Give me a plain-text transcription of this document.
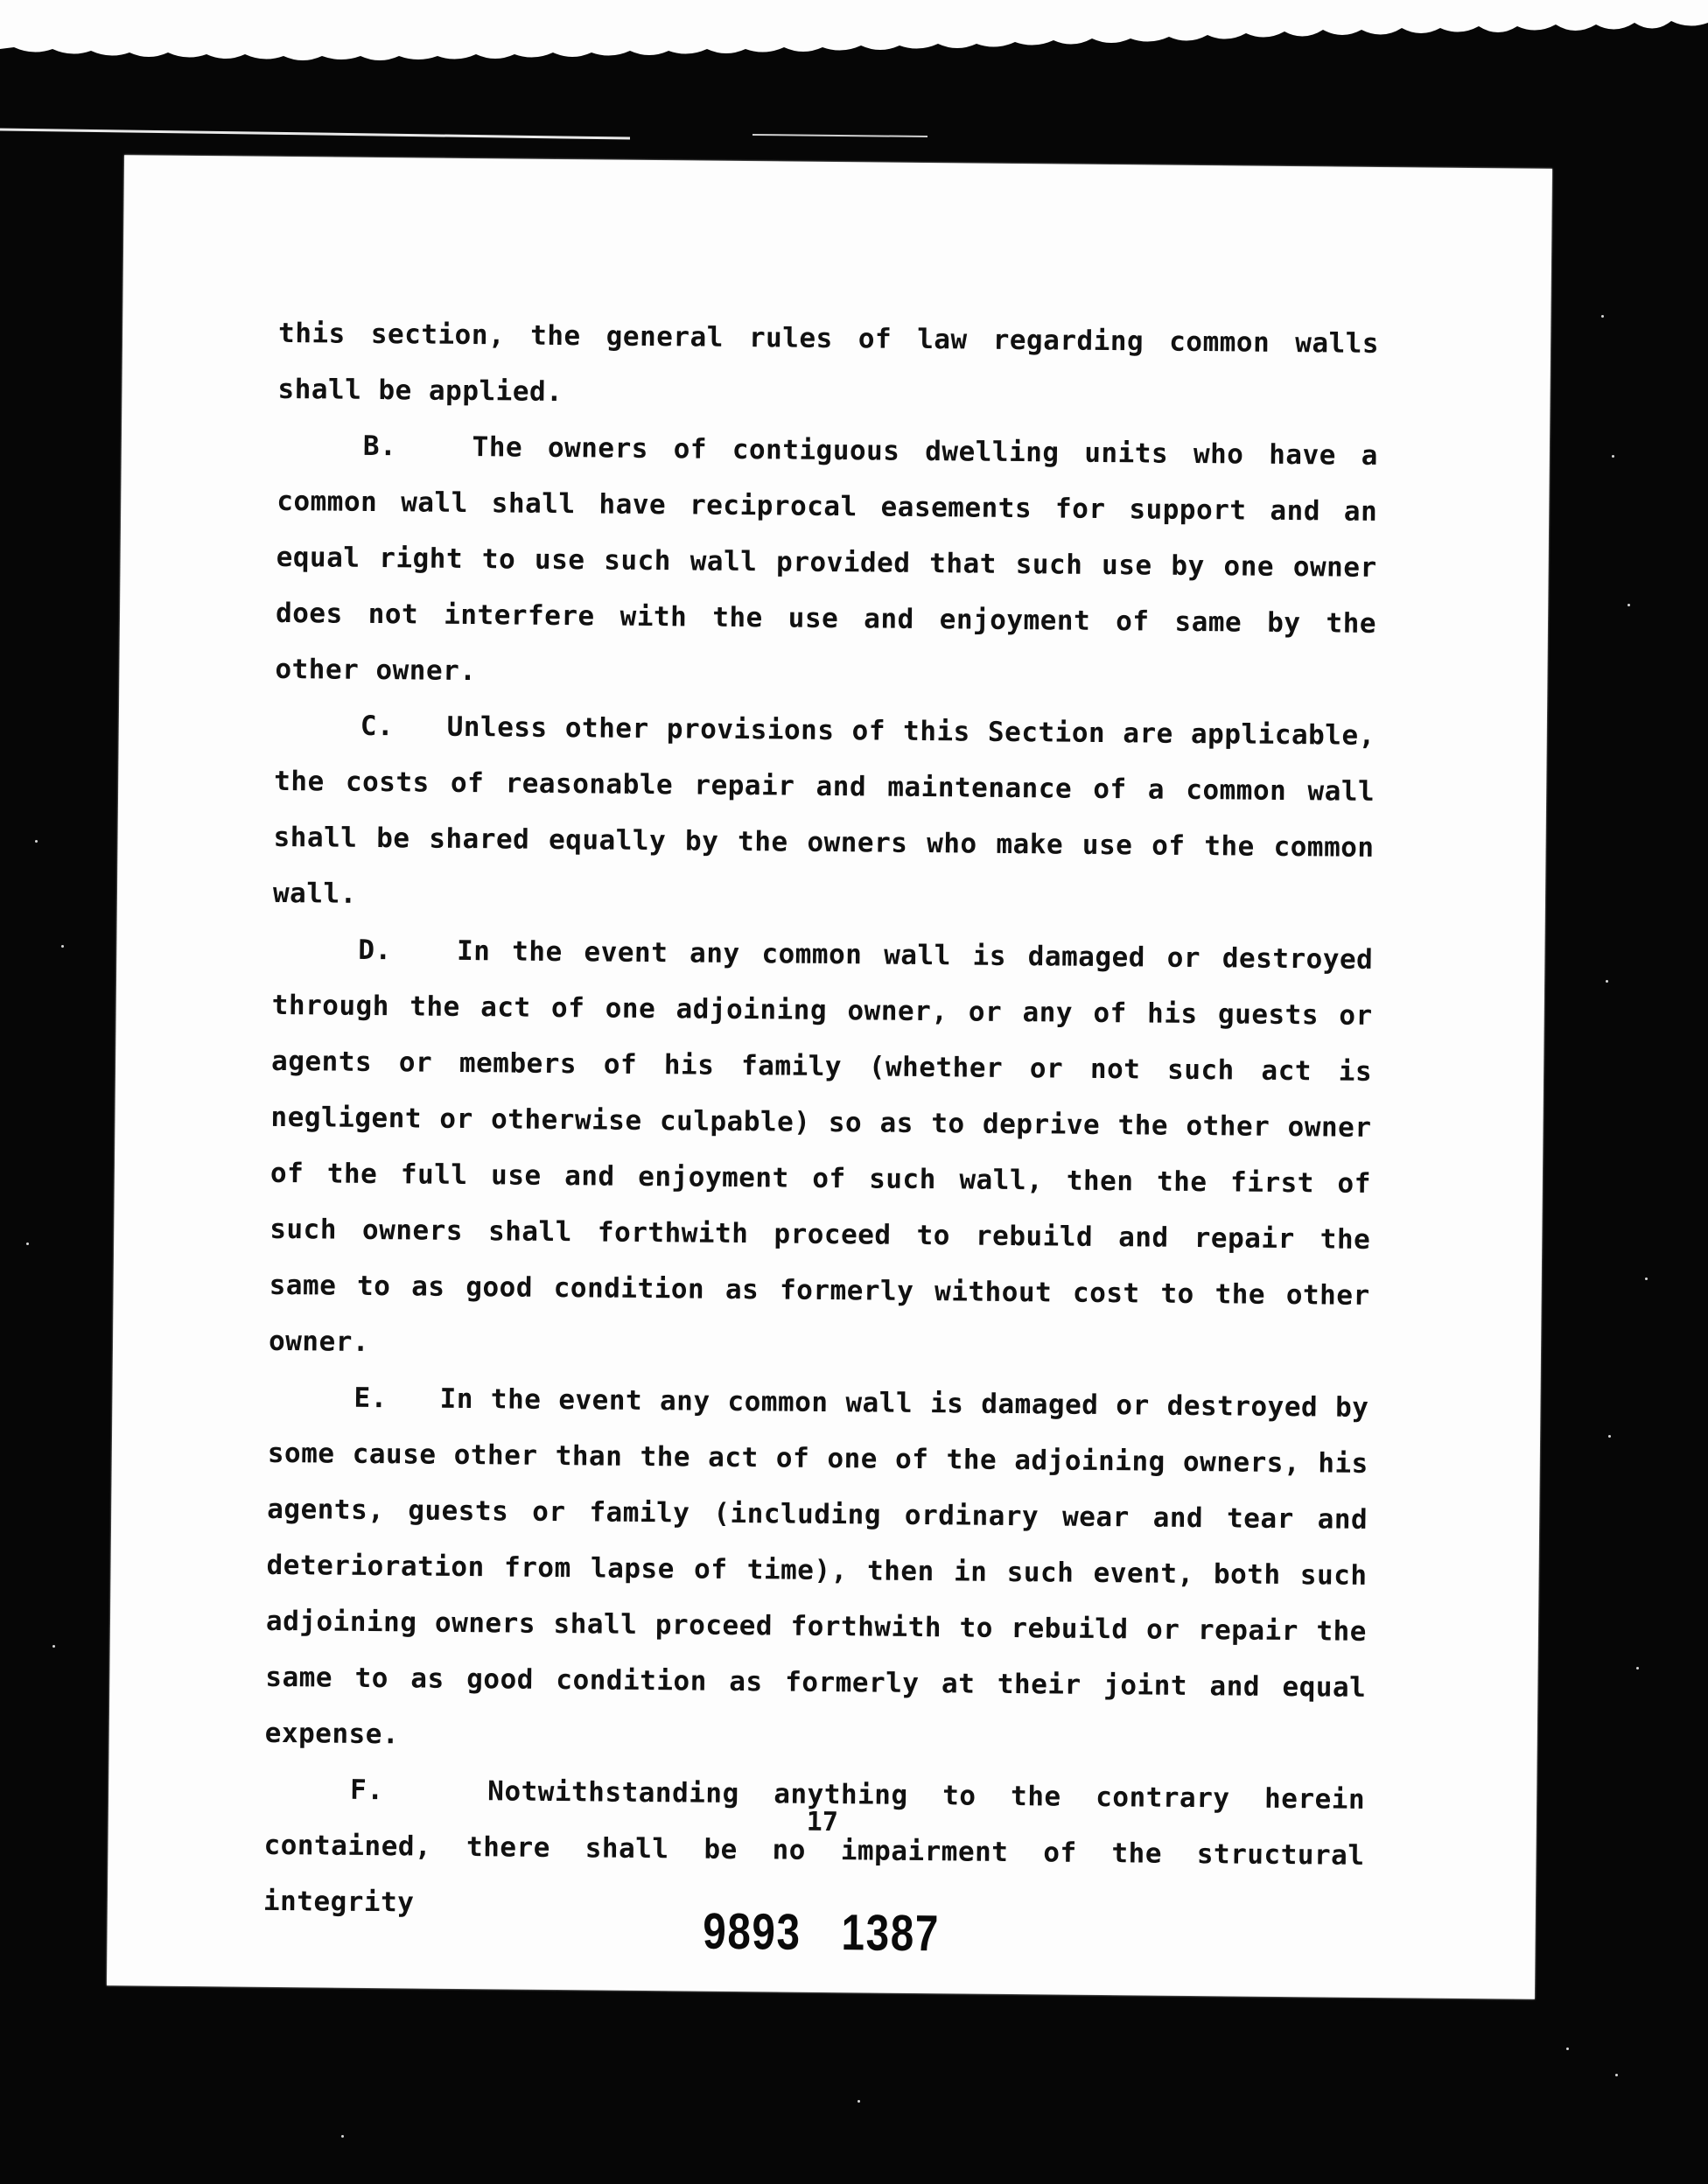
this section, the general rules of law regarding common walls shall be applied.

B.	The owners of contiguous dwelling units who have a common wall shall have reciprocal easements for support and an equal right to use such wall provided that such use by one owner does not interfere with the use and enjoyment of same by the other owner.

C. Unless other provisions of this Section are applicable, the costs of reasonable repair and maintenance of a common wall shall be shared equally by the owners who make use of the common wall.

D. In the event any common wall is damaged or destroyed through the act of one adjoining owner, or any of his guests or agents or members of his family (whether or not such act is negligent or otherwise culpable) so as to deprive the other owner of the full use and enjoyment of such wall, then the first of such owners shall forthwith proceed to rebuild and repair the same to as good condition as formerly without cost to the other owner.

E. In the event any common wall is damaged or destroyed by some cause other than the act of one of the adjoining owners, his agents, guests or family (including ordinary wear and tear and deterioration from lapse of time), then in such event, both such adjoining owners shall proceed forthwith to rebuild or repair the same to as good condition as formerly at their joint and equal expense.

F.	Notwithstanding anything to the contrary herein contained, there shall be no impairment of the structural integrity

17
9893 1387
